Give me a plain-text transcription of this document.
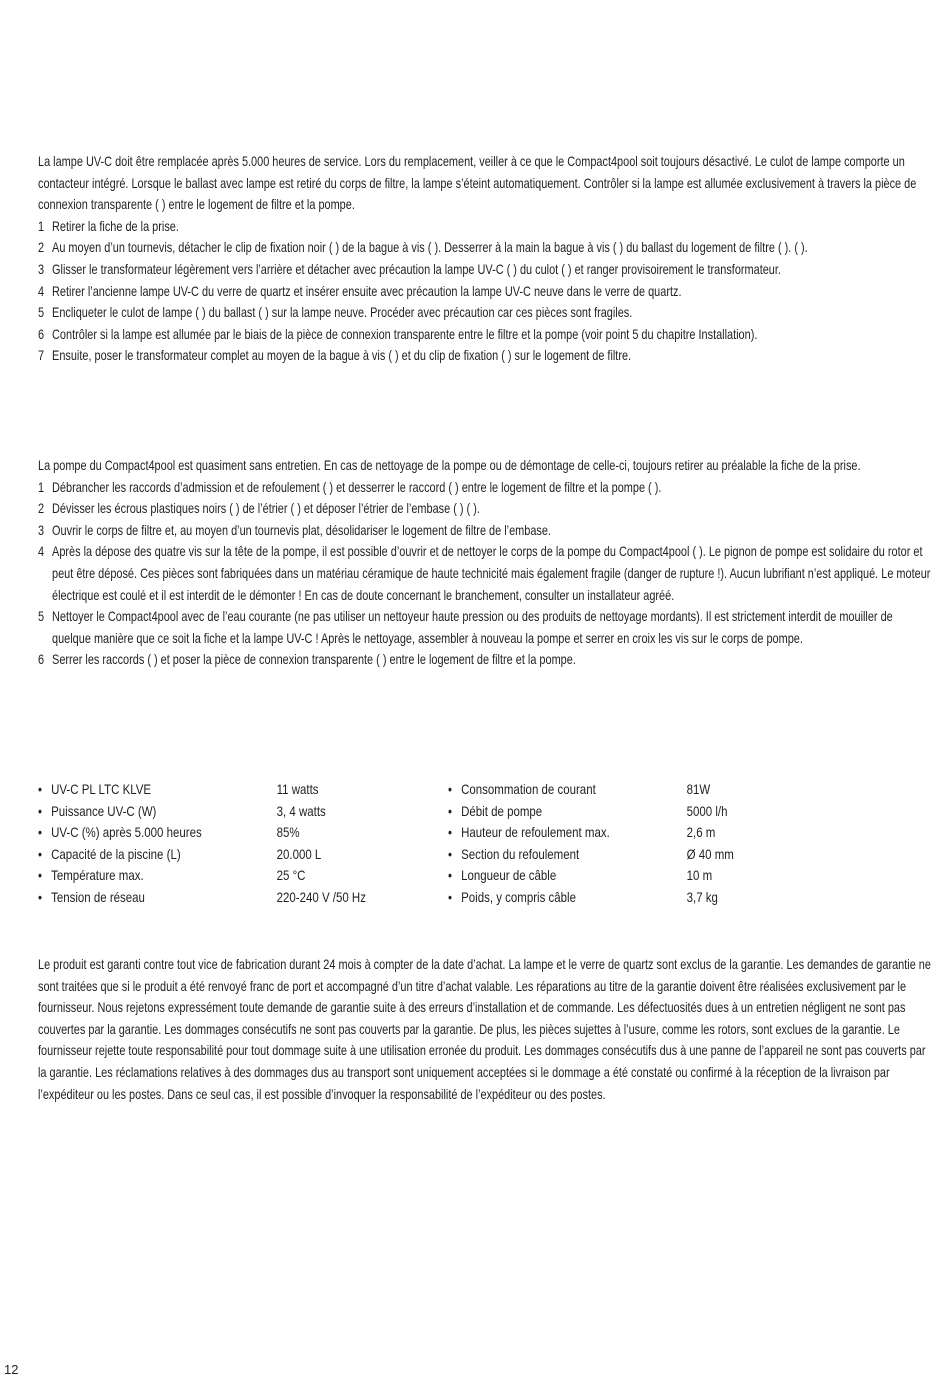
La lampe UV-C doit être remplacée après 5.000 heures de service. Lors du remplacement, veiller à ce que le Compact4pool soit toujours désactivé. Le culot de lampe comporte un contacteur intégré. Lorsque le ballast avec lampe est retiré du corps de filtre, la lampe s’éteint automatiquement. Contrôler si la lampe est allumée exclusivement à travers la pièce de connexion transparente ( ) entre le logement de filtre et la pompe.
1 Retirer la fiche de la prise.
2 Au moyen d’un tournevis, détacher le clip de fixation noir ( ) de la bague à vis ( ). Desserrer à la main la bague à vis ( ) du ballast du logement de filtre ( ). ( ).
3 Glisser le transformateur légèrement vers l’arrière et détacher avec précaution la lampe UV-C ( ) du culot ( ) et ranger provisoirement le transformateur.
4 Retirer l’ancienne lampe UV-C du verre de quartz et insérer ensuite avec précaution la lampe UV-C neuve dans le verre de quartz.
5 Encliqueter le culot de lampe ( ) du ballast ( ) sur la lampe neuve. Procéder avec précaution car ces pièces sont fragiles.
6 Contrôler si la lampe est allumée par le biais de la pièce de connexion transparente entre le filtre et la pompe (voir point 5 du chapitre Installation).
7 Ensuite, poser le transformateur complet au moyen de la bague à vis ( ) et du clip de fixation ( ) sur le logement de filtre.
La pompe du Compact4pool est quasiment sans entretien. En cas de nettoyage de la pompe ou de démontage de celle-ci, toujours retirer au préalable la fiche de la prise.
1 Débrancher les raccords d’admission et de refoulement ( ) et desserrer le raccord ( ) entre le logement de filtre et la pompe ( ).
2 Dévisser les écrous plastiques noirs ( ) de l’étrier ( ) et déposer l’étrier de l’embase ( ) ( ).
3 Ouvrir le corps de filtre et, au moyen d’un tournevis plat, désolidariser le logement de filtre de l’embase.
4 Après la dépose des quatre vis sur la tête de la pompe, il est possible d’ouvrir et de nettoyer le corps de la pompe du Compact4pool ( ). Le pignon de pompe est solidaire du rotor et peut être déposé. Ces pièces sont fabriquées dans un matériau céramique de haute technicité mais également fragile (danger de rupture !). Aucun lubrifiant n’est appliqué. Le moteur électrique est coulé et il est interdit de le démonter ! En cas de doute concernant le branchement, consulter un installateur agréé.
5 Nettoyer le Compact4pool avec de l’eau courante (ne pas utiliser un nettoyeur haute pression ou des produits de nettoyage mordants). Il est strictement interdit de mouiller de quelque manière que ce soit la fiche et la lampe UV-C ! Après le nettoyage, assembler à nouveau la pompe et serrer en croix les vis sur le corps de pompe.
6 Serrer les raccords ( ) et poser la pièce de connexion transparente ( ) entre le logement de filtre et la pompe.
• UV-C PL LTC KLVE	11 watts
• Puissance UV-C (W)	3, 4 watts
• UV-C (%) après 5.000 heures	85%
• Capacité de la piscine (L)	20.000 L
• Température max.	25 °C
• Tension de réseau	220-240 V /50 Hz
• Consommation de courant	81W
• Débit de pompe	5000 l/h
• Hauteur de refoulement max.	2,6 m
• Section du refoulement	Ø 40 mm
• Longueur de câble	10 m
• Poids, y compris câble	3,7 kg
Le produit est garanti contre tout vice de fabrication durant 24 mois à compter de la date d’achat. La lampe et le verre de quartz sont exclus de la garantie. Les demandes de garantie ne sont traitées que si le produit a été renvoyé franc de port et accompagné d’un titre d’achat valable. Les réparations au titre de la garantie doivent être réalisées exclusivement par le fournisseur. Nous rejetons expressément toute demande de garantie suite à des erreurs d’installation et de commande. Les défectuosités dues à un entretien négligent ne sont pas couvertes par la garantie. Les dommages consécutifs ne sont pas couverts par la garantie. De plus, les pièces sujettes à l’usure, comme les rotors, sont exclues de la garantie. Le fournisseur rejette toute responsabilité pour tout dommage suite à une utilisation erronée du produit. Les dommages consécutifs dus à une panne de l’appareil ne sont pas couverts par la garantie. Les réclamations relatives à des dommages dus au transport sont uniquement acceptées si le dommage a été constaté ou confirmé à la réception de la livraison par l’expéditeur ou les postes. Dans ce seul cas, il est possible d’invoquer la responsabilité de l’expéditeur ou des postes.
12
